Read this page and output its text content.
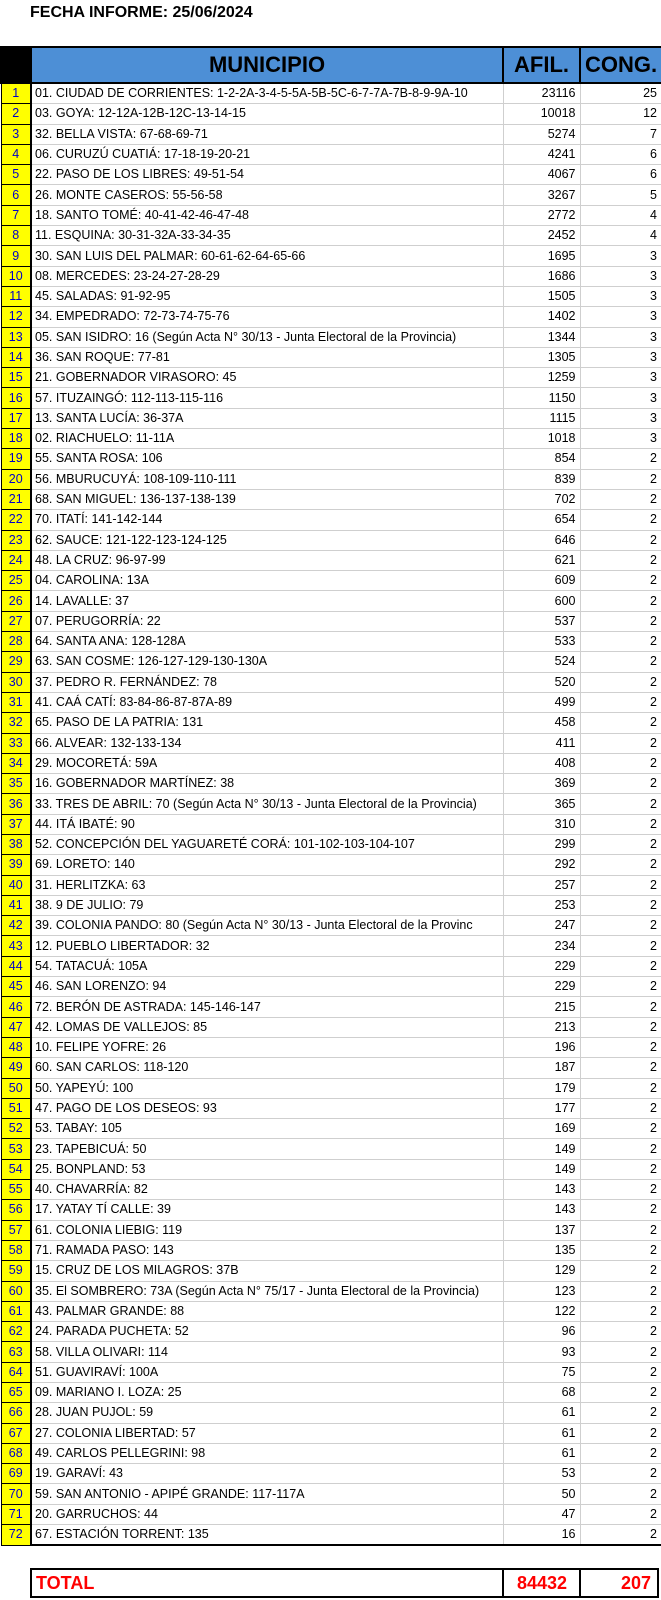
FECHA INFORME: 25/06/2024
	MUNICIPIO	AFIL.	CONG.
1	01. CIUDAD DE CORRIENTES: 1-2-2A-3-4-5-5A-5B-5C-6-7-7A-7B-8-9-9A-10	23116	25
2	03. GOYA: 12-12A-12B-12C-13-14-15	10018	12
3	32. BELLA VISTA: 67-68-69-71	5274	7
4	06. CURUZÚ CUATIÁ: 17-18-19-20-21	4241	6
5	22. PASO DE LOS LIBRES: 49-51-54	4067	6
6	26. MONTE CASEROS: 55-56-58	3267	5
7	18. SANTO TOMÉ: 40-41-42-46-47-48	2772	4
8	11. ESQUINA: 30-31-32A-33-34-35	2452	4
9	30. SAN LUIS DEL PALMAR: 60-61-62-64-65-66	1695	3
10	08. MERCEDES: 23-24-27-28-29	1686	3
11	45. SALADAS: 91-92-95	1505	3
12	34. EMPEDRADO: 72-73-74-75-76	1402	3
13	05. SAN ISIDRO: 16 (Según Acta N° 30/13 - Junta Electoral de la Provincia)	1344	3
14	36. SAN ROQUE: 77-81	1305	3
15	21. GOBERNADOR VIRASORO: 45	1259	3
16	57. ITUZAINGÓ: 112-113-115-116	1150	3
17	13. SANTA LUCÍA: 36-37A	1115	3
18	02. RIACHUELO: 11-11A	1018	3
19	55. SANTA ROSA: 106	854	2
20	56. MBURUCUYÁ: 108-109-110-111	839	2
21	68. SAN MIGUEL: 136-137-138-139	702	2
22	70. ITATÍ: 141-142-144	654	2
23	62. SAUCE: 121-122-123-124-125	646	2
24	48. LA CRUZ: 96-97-99	621	2
25	04. CAROLINA: 13A	609	2
26	14. LAVALLE: 37	600	2
27	07. PERUGORRÍA: 22	537	2
28	64. SANTA ANA: 128-128A	533	2
29	63. SAN COSME: 126-127-129-130-130A	524	2
30	37. PEDRO R. FERNÁNDEZ: 78	520	2
31	41. CAÁ CATÍ: 83-84-86-87-87A-89	499	2
32	65. PASO DE LA PATRIA: 131	458	2
33	66. ALVEAR: 132-133-134	411	2
34	29. MOCORETÁ: 59A	408	2
35	16. GOBERNADOR MARTÍNEZ: 38	369	2
36	33. TRES DE ABRIL: 70 (Según Acta N° 30/13 - Junta Electoral de la Provincia)	365	2
37	44. ITÁ IBATÉ: 90	310	2
38	52. CONCEPCIÓN DEL YAGUARETÉ CORÁ: 101-102-103-104-107	299	2
39	69. LORETO: 140	292	2
40	31. HERLITZKA: 63	257	2
41	38. 9 DE JULIO: 79	253	2
42	39. COLONIA PANDO: 80 (Según Acta N° 30/13 - Junta Electoral de la Provinc	247	2
43	12. PUEBLO LIBERTADOR: 32	234	2
44	54. TATACUÁ: 105A	229	2
45	46. SAN LORENZO: 94	229	2
46	72. BERÓN DE ASTRADA: 145-146-147	215	2
47	42. LOMAS DE VALLEJOS: 85	213	2
48	10. FELIPE YOFRE: 26	196	2
49	60. SAN CARLOS: 118-120	187	2
50	50. YAPEYÚ: 100	179	2
51	47. PAGO DE LOS DESEOS: 93	177	2
52	53. TABAY: 105	169	2
53	23. TAPEBICUÁ: 50	149	2
54	25. BONPLAND: 53	149	2
55	40. CHAVARRÍA: 82	143	2
56	17. YATAY TÍ CALLE: 39	143	2
57	61. COLONIA LIEBIG: 119	137	2
58	71. RAMADA PASO: 143	135	2
59	15. CRUZ DE LOS MILAGROS: 37B	129	2
60	35. El SOMBRERO: 73A (Según Acta N° 75/17 - Junta Electoral de la Provincia)	123	2
61	43. PALMAR GRANDE: 88	122	2
62	24. PARADA PUCHETA: 52	96	2
63	58. VILLA OLIVARI: 114	93	2
64	51. GUAVIRAVÍ: 100A	75	2
65	09. MARIANO I. LOZA: 25	68	2
66	28. JUAN PUJOL: 59	61	2
67	27. COLONIA LIBERTAD: 57	61	2
68	49. CARLOS PELLEGRINI: 98	61	2
69	19. GARAVÍ: 43	53	2
70	59. SAN ANTONIO - APIPÉ GRANDE: 117-117A	50	2
71	20. GARRUCHOS: 44	47	2
72	67. ESTACIÓN TORRENT: 135	16	2
TOTAL	84432	207
